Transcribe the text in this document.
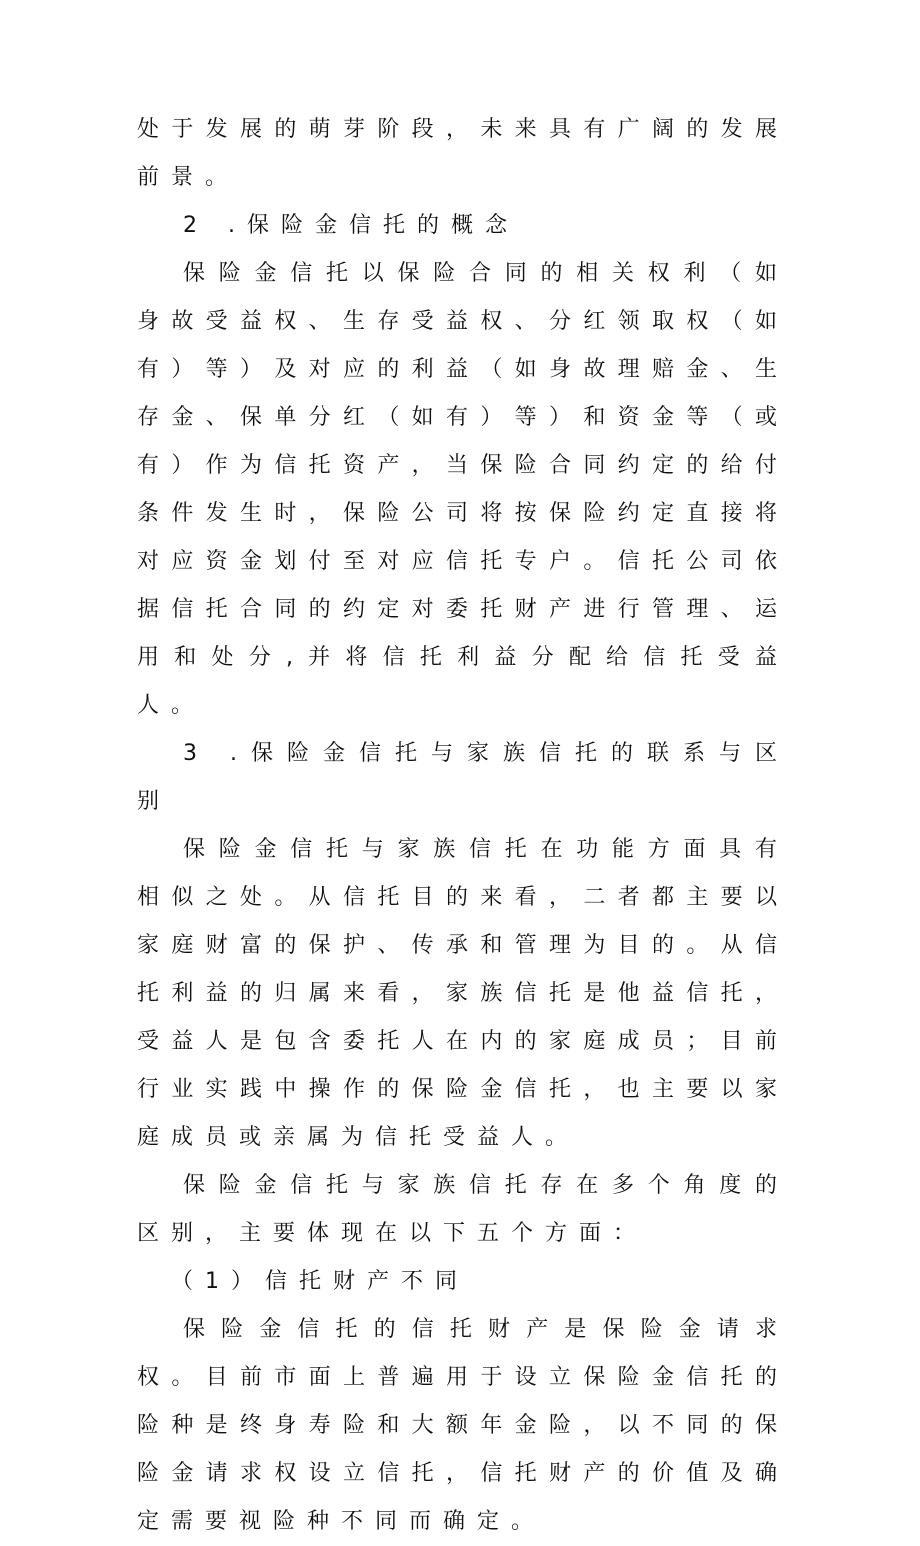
处于发展的萌芽阶段，未来具有广阔的发展前景。

2 .保险金信托的概念

保险金信托以保险合同的相关权利（如身故受益权、生存受益权、分红领取权（如有）等）及对应的利益（如身故理赔金、生存金、保单分红（如有）等）和资金等（或有）作为信托资产，当保险合同约定的给付条件发生时，保险公司将按保险约定直接将对应资金划付至对应信托专户。信托公司依据信托合同的约定对委托财产进行管理、运用和处分,并将信托利益分配给信托受益人。

3 .保险金信托与家族信托的联系与区别

保险金信托与家族信托在功能方面具有相似之处。从信托目的来看，二者都主要以家庭财富的保护、传承和管理为目的。从信托利益的归属来看，家族信托是他益信托，受益人是包含委托人在内的家庭成员；目前行业实践中操作的保险金信托，也主要以家庭成员或亲属为信托受益人。

保险金信托与家族信托存在多个角度的区别，主要体现在以下五个方面：

（1）信托财产不同

保险金信托的信托财产是保险金请求权。目前市面上普遍用于设立保险金信托的险种是终身寿险和大额年金险，以不同的保险金请求权设立信托，信托财产的价值及确定需要视险种不同而确定。
